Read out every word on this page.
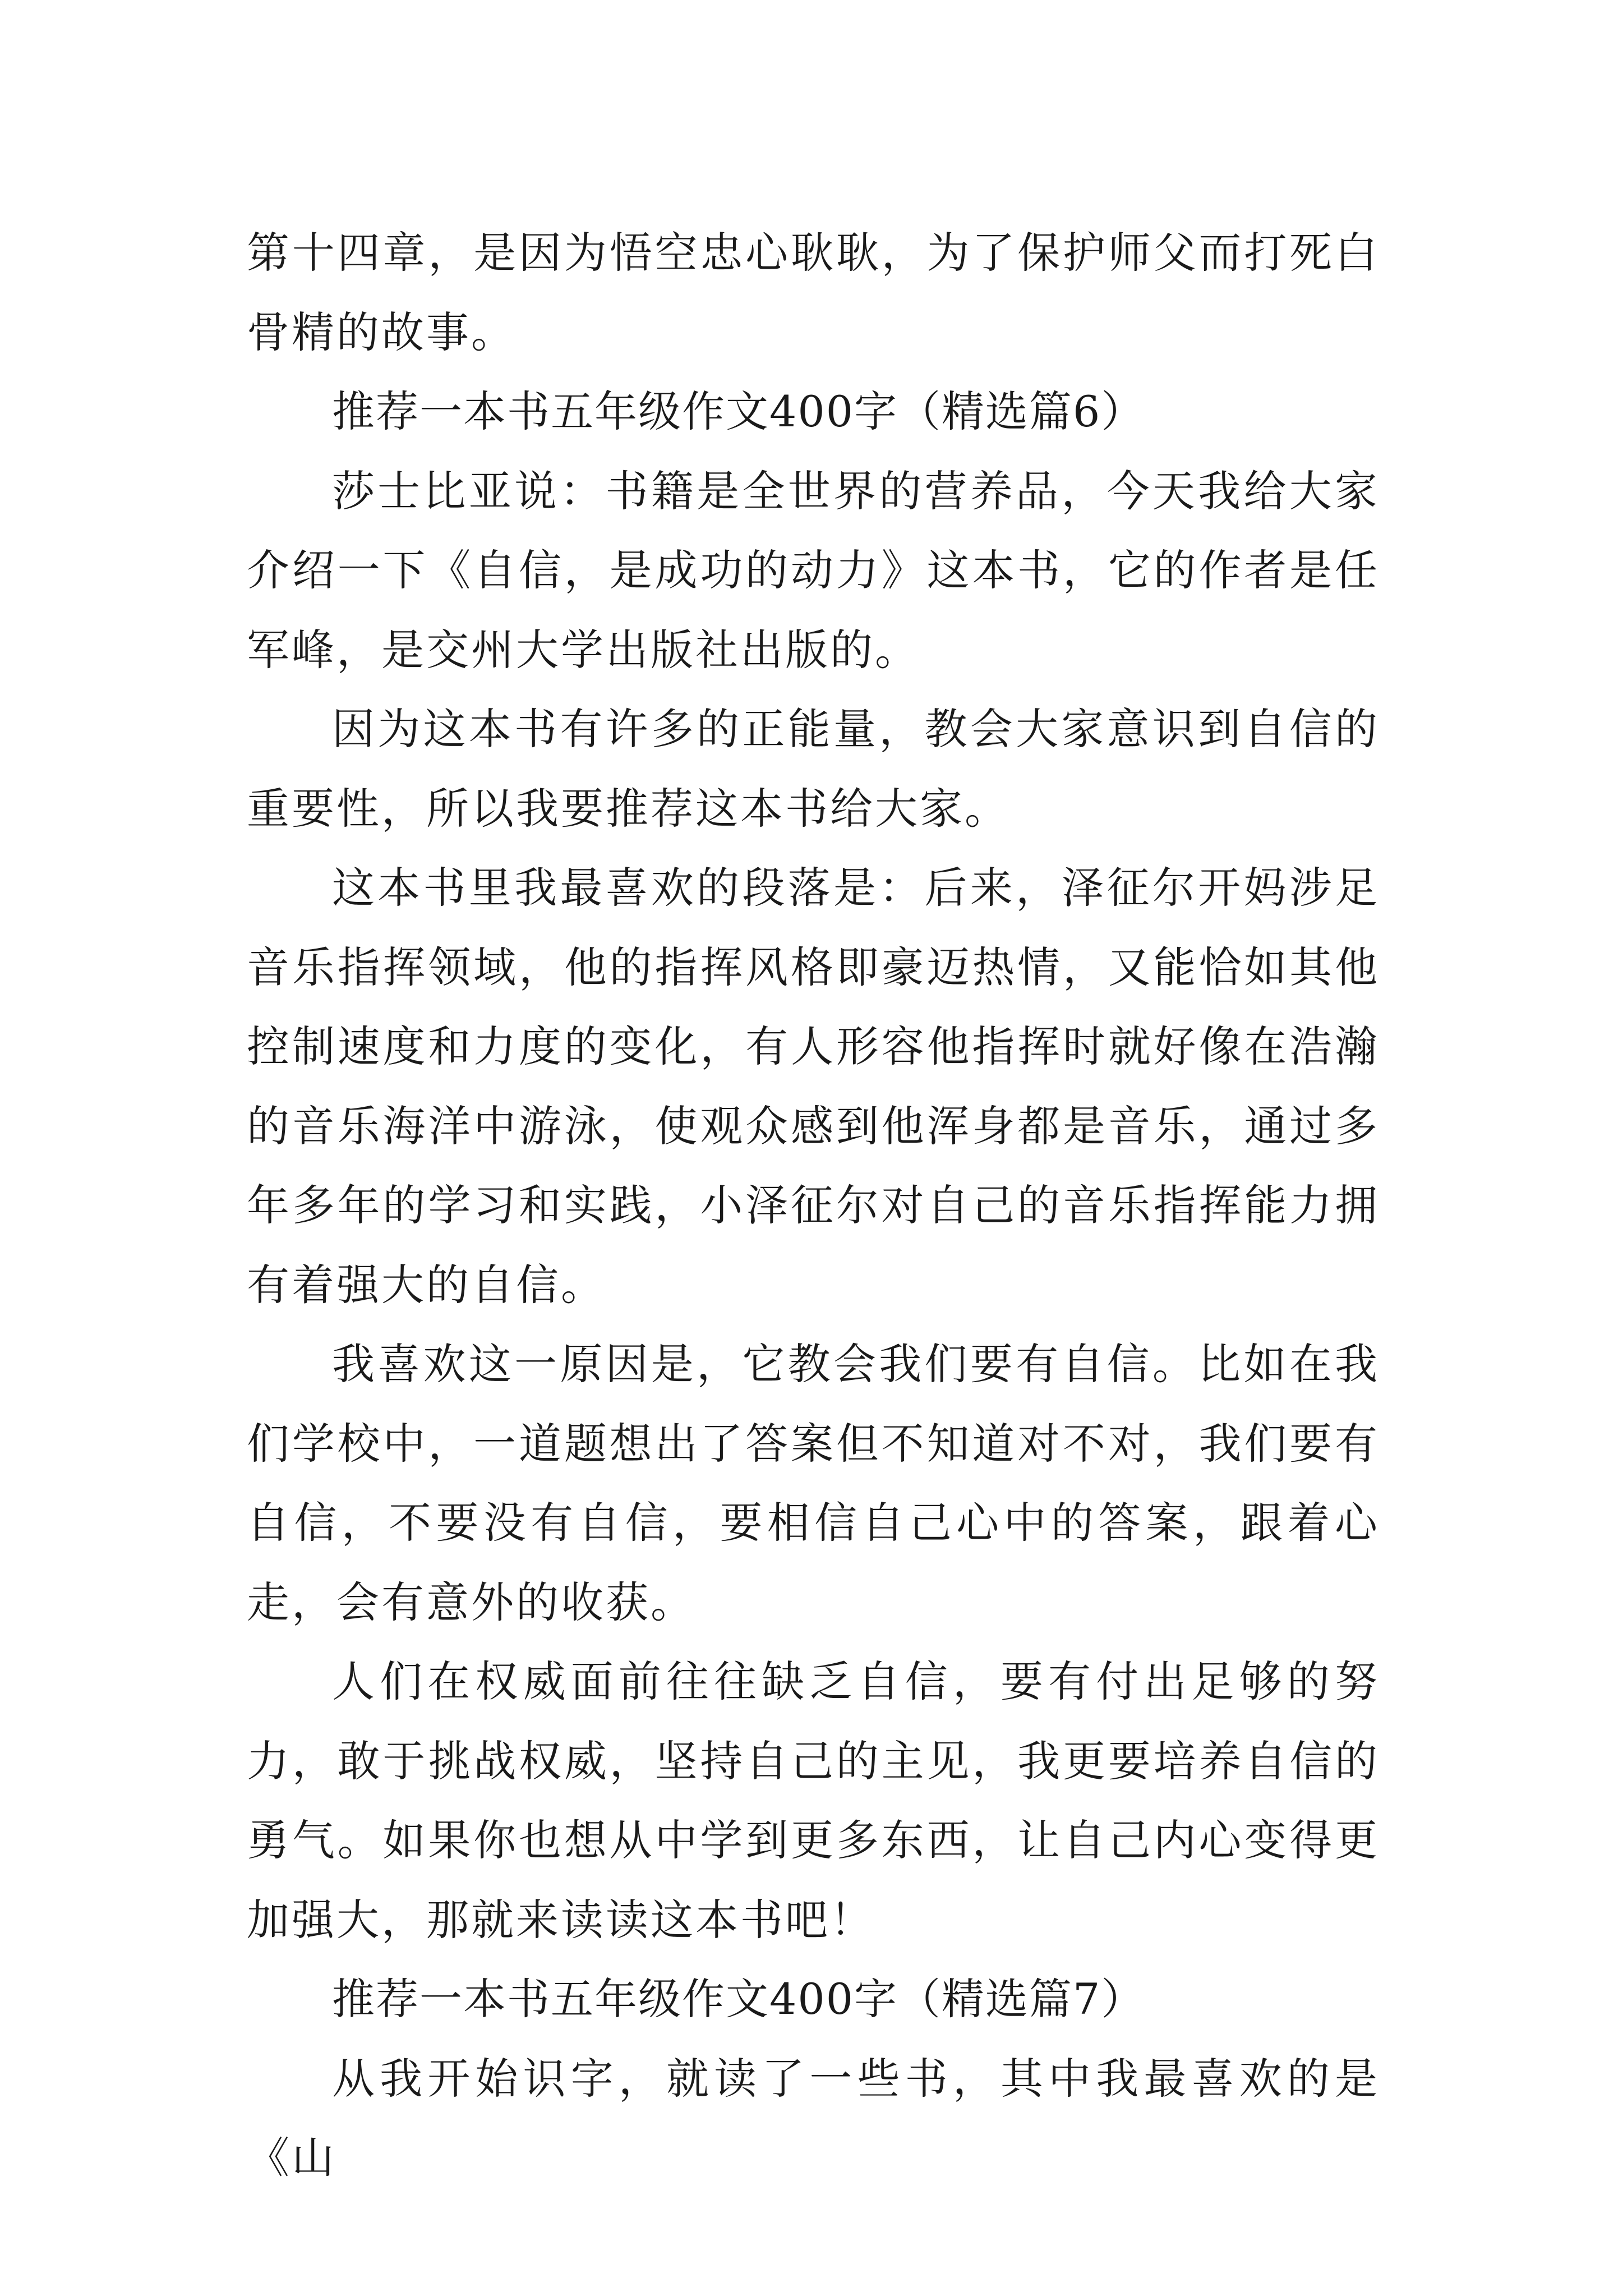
第十四章，是因为悟空忠心耿耿，为了保护师父而打死白骨精的故事。

推荐一本书五年级作文400字（精选篇6）

莎士比亚说：书籍是全世界的营养品，今天我给大家介绍一下《自信，是成功的动力》这本书，它的作者是任军峰，是交州大学出版社出版的。

因为这本书有许多的正能量，教会大家意识到自信的重要性，所以我要推荐这本书给大家。

这本书里我最喜欢的段落是：后来，泽征尔开妈涉足音乐指挥领域，他的指挥风格即豪迈热情，又能恰如其他控制速度和力度的变化，有人形容他指挥时就好像在浩瀚的音乐海洋中游泳，使观众感到他浑身都是音乐，通过多年多年的学习和实践，小泽征尔对自己的音乐指挥能力拥有着强大的自信。

我喜欢这一原因是，它教会我们要有自信。比如在我们学校中，一道题想出了答案但不知道对不对，我们要有自信，不要没有自信，要相信自己心中的答案，跟着心走，会有意外的收获。

人们在权威面前往往缺乏自信，要有付出足够的努力，敢于挑战权威，坚持自己的主见，我更要培养自信的勇气。如果你也想从中学到更多东西，让自己内心变得更加强大，那就来读读这本书吧！

推荐一本书五年级作文400字（精选篇7）

从我开始识字，就读了一些书，其中我最喜欢的是《山
